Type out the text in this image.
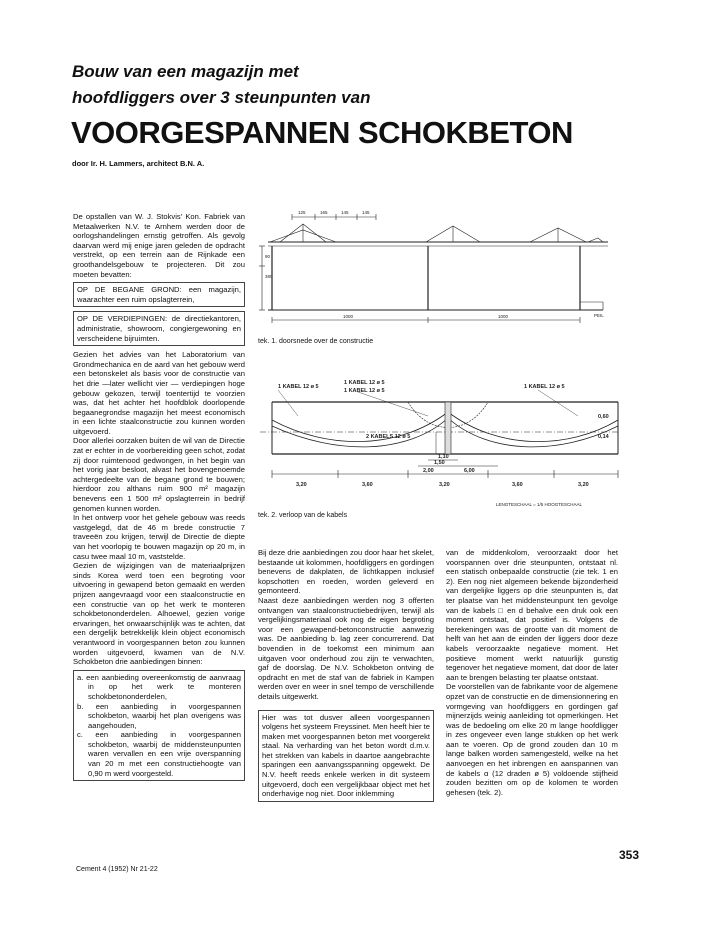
Bouw van een magazijn met
hoofdliggers over 3 steunpunten van
VOORGESPANNEN SCHOKBETON
door Ir. H. Lammers, architect B.N. A.

De opstallen van W. J. Stokvis' Kon. Fabriek van Metaalwerken N.V. te Arnhem werden door de oorlogshandelingen ernstig getroffen. Als gevolg daarvan werd mij enige jaren geleden de opdracht verstrekt, op een terrein aan de Rijnkade een groothandelsgebouw te projecteren. Dit zou moeten bevatten:

OP DE BEGANE GROND: een magazijn, waarachter een ruim opslagterrein,
OP DE VERDIEPINGEN: de directiekantoren, administratie, showroom, congiergewoning en verscheidene bijruimten.

Gezien het advies van het Laboratorium van Grondmechanica en de aard van het gebouw werd een betonskelet als basis voor de constructie van het drie —later wellicht vier — verdiepingen hoge gebouw gekozen, terwijl toentertijd te voorzien was, dat het achter het hoofdblok doorlopende begaanegrondse magazijn het meest economisch in een lichte staalconstructie zou kunnen worden uitgevoerd.

Door allerlei oorzaken buiten de wil van de Directie zat er echter in de voorbereiding geen schot, zodat zij door ruimtenood gedwongen, in het begin van het vorig jaar besloot, alvast het bovengenoemde achtergedeelte van de begane grond te bouwen; hierdoor zou althans ruim 900 m² magazijn benevens een 1 500 m² opslagterrein in bedrijf genomen kunnen worden.

In het ontwerp voor het gehele gebouw was reeds vastgelegd, dat de 46 m brede constructie 7 traveeën zou krijgen, terwijl de Directie de diepte van het voorlopig te bouwen magazijn op 20 m, in casu twee maal 10 m, vaststelde.

Gezien de wijzigingen van de materiaalprijzen sinds Korea werd toen een begroting voor uitvoering in gewapend beton gemaakt en werden prijzen aangevraagd voor een staalconstructie en een constructie van op het werk te monteren schokbetononderdelen. Alhoewel, gezien vorige ervaringen, het onwaarschijnlijk was te achten, dat een dergelijk betrekkelijk klein object economisch verantwoord in voorgespannen beton zou kunnen worden uitgevoerd, kwamen van de N.V. Schokbeton drie aanbiedingen binnen:

a. een aanbieding overeenkomstig de aanvraag in op het werk te monteren schokbetononderdelen,
b. een aanbieding in voorgespannen schokbeton, waarbij het plan overigens was aangehouden,
c. een aanbieding in voorgespannen schokbeton, waarbij de middensteunpunten waren vervallen en een vrije overspanning van 20 m met een constructiehoogte van 0,90 m werd voorgesteld.
125	165	145	145
90
380
1000	1000	PEIL
tek. 1. doorsnede over de constructie
1 KABEL 12 ø 5
1 KABEL 12 ø 5
1 KABEL 12 ø 5
1 KABEL 12 ø 5
2 KABELS 12 ø 5
0,60
0,14
1,10
1,50
2,00	6,00
3,20	3,60	3,20	3,60	3,20
LENGTESCHAAL = 1/5 HOOGTESCHAAL
tek. 2. verloop van de kabels

Bij deze drie aanbiedingen zou door haar het skelet, bestaande uit kolommen, hoofdliggers en gordingen benevens de dakplaten, de lichtkappen inclusief kopschotten en roeden, worden geleverd en gemonteerd.

Naast deze aanbiedingen werden nog 3 offerten ontvangen van staalconstructiebedrijven, terwijl als vergelijkingsmateriaal ook nog de eigen begroting voor een gewapend-betonconstructie aanwezig was. De aanbieding b. lag zeer concurrerend. Dat bovendien in de toekomst een minimum aan uitgaven voor onderhoud zou zijn te verwachten, gaf de doorslag. De N.V. Schokbeton ontving de opdracht en met de staf van de fabriek in Kampen werden over en weer in snel tempo de verschillende details uitgewerkt.

Hier was tot dusver alleen voorgespannen volgens het systeem Freyssinet. Men heeft hier te maken met voorgespannen beton met voorgerekt staal. Na verharding van het beton wordt d.m.v. het strekken van kabels in daartoe aangebrachte sparingen een aanvangsspanning opgewekt. De N.V. heeft reeds enkele werken in dit systeem uitgevoerd, doch een vergelijkbaar object met het onderhavige nog niet. Door inklemming

van de middenkolom, veroorzaakt door het voorspannen over drie steunpunten, ontstaat nl. een statisch onbepaalde constructie (zie tek. 1 en 2). Een nog niet algemeen bekende bijzonderheid van dergelijke liggers op drie steunpunten is, dat ter plaatse van het middensteunpunt ten gevolge van de kabels □ en d behalve een druk ook een moment ontstaat, dat positief is. Volgens de berekeningen was de grootte van dit moment de helft van het aan de einden der liggers door deze kabels veroorzaakte negatieve moment. Het positieve moment werkt natuurlijk gunstig tegenover het negatieve moment, dat door de later aan te brengen belasting ter plaatse ontstaat.

De voorstellen van de fabrikante voor de algemene opzet van de constructie en de dimensionnering en vormgeving van hoofdliggers en gordingen gaf mijnerzijds weinig aanleiding tot opmerkingen. Het was de bedoeling om elke 20 m lange hoofdligger in zes ongeveer even lange stukken op het werk aan te voeren. Op de grond zouden dan 10 m lange balken worden samengesteld, welke na het aanvoegen en het inbrengen en aanspannen van de kabels α (12 draden ø 5) voldoende stijfheid zouden bezitten om op de kolomen te worden gehesen (tek. 2).

353
Cement 4 (1952) Nr 21-22
